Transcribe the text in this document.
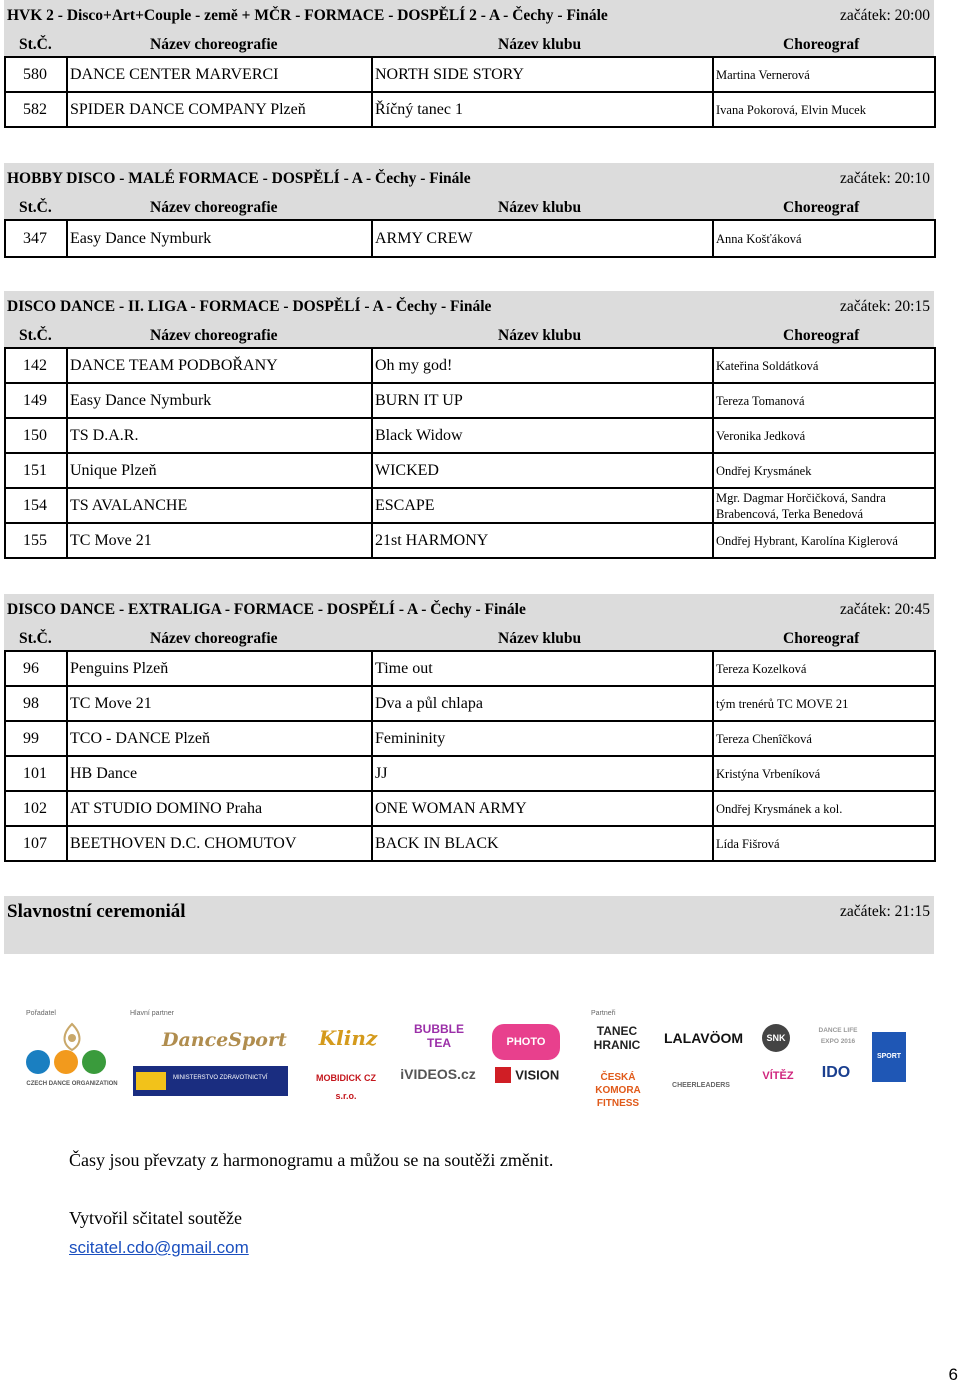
HVK 2 - Disco+Art+Couple - země + MČR - FORMACE - DOSPĚLÍ 2 - A - Čechy - Finále	začátek: 20:00
St.Č.	Název choreografie	Název klubu	Choreograf
580	DANCE CENTER MARVERCI	NORTH SIDE STORY	Martina Vernerová
582	SPIDER DANCE COMPANY Plzeň	Říčný tanec 1	Ivana Pokorová, Elvin Mucek
HOBBY DISCO - MALÉ FORMACE - DOSPĚLÍ - A - Čechy - Finále	začátek: 20:10
St.Č.	Název choreografie	Název klubu	Choreograf
347	Easy Dance Nymburk	ARMY CREW	Anna Košťáková
DISCO DANCE - II. LIGA - FORMACE - DOSPĚLÍ - A - Čechy - Finále	začátek: 20:15
St.Č.	Název choreografie	Název klubu	Choreograf
142	DANCE TEAM PODBOŘANY	Oh my god!	Kateřina Soldátková
149	Easy Dance Nymburk	BURN IT UP	Tereza Tomanová
150	TS D.A.R.	Black Widow	Veronika Jedková
151	Unique Plzeň	WICKED	Ondřej Krysmánek
154	TS AVALANCHE	ESCAPE	Mgr. Dagmar Horčičková, Sandra Brabencová, Terka Benedová
155	TC Move 21	21st HARMONY	Ondřej Hybrant, Karolína Kiglerová
DISCO DANCE - EXTRALIGA - FORMACE - DOSPĚLÍ - A - Čechy - Finále	začátek: 20:45
St.Č.	Název choreografie	Název klubu	Choreograf
96	Penguins Plzeň	Time out	Tereza Kozelková
98	TC Move 21	Dva a půl chlapa	tým trenérů TC MOVE 21
99	TCO - DANCE Plzeň	Femininity	Tereza Chenîčková
101	HB Dance	JJ	Kristýna Vrbeníková
102	AT STUDIO DOMINO Praha	ONE WOMAN ARMY	Ondřej Krysmánek a kol.
107	BEETHOVEN D.C. CHOMUTOV	BACK IN BLACK	Lída Fišrová
Slavnostní ceremoniál	začátek: 21:15
Pořadatel	Hlavní partner	Partneři
CZECH DANCE ORGANIZATION
DanceSport
MINISTERSTVO ZDRAVOTNICTVÍ
Klinz
MOBIDICK CZ s.r.o.
BUBBLE TEA
iVIDEOS.cz
PHOTO
VISION
TANEC HRANIC
ČESKÁ KOMORA FITNESS
LALAVÖOM
CHEERLEADERS
SNK
VÍTĚZ
DANCE LIFE EXPO 2016
IDO
SPORT
Časy jsou převzaty z harmonogramu a můžou se na soutěži změnit.
Vytvořil sčitatel soutěže
scitatel.cdo@gmail.com
6
